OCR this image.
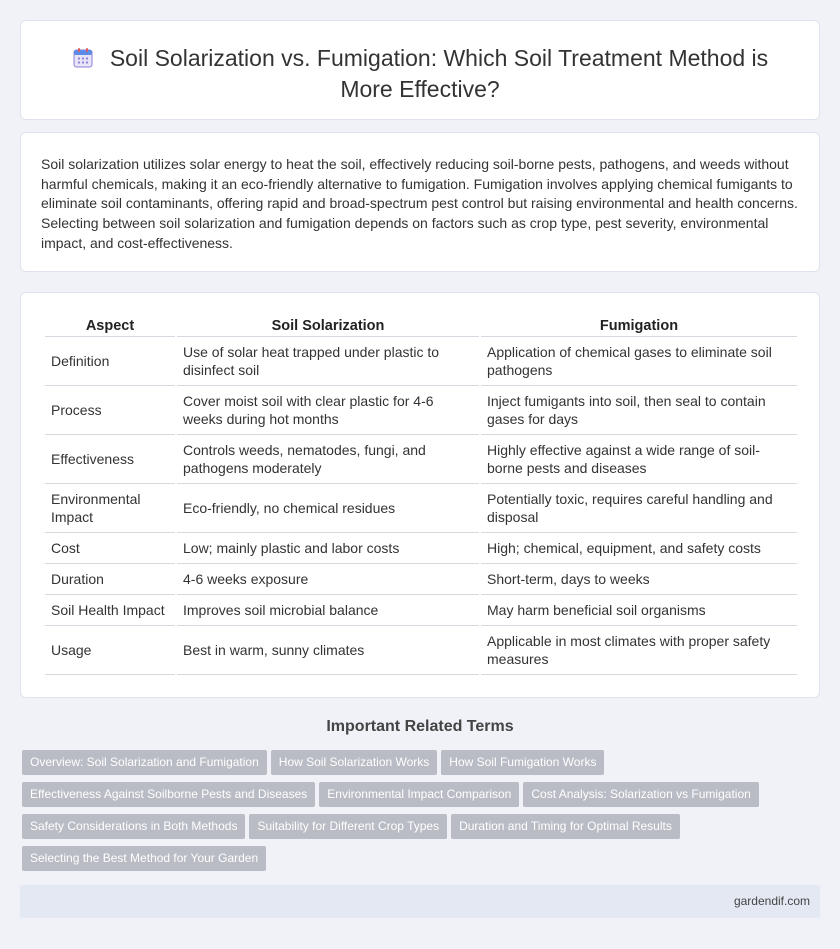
Soil Solarization vs. Fumigation: Which Soil Treatment Method is More Effective?

Soil solarization utilizes solar energy to heat the soil, effectively reducing soil-borne pests, pathogens, and weeds without harmful chemicals, making it an eco-friendly alternative to fumigation. Fumigation involves applying chemical fumigants to eliminate soil contaminants, offering rapid and broad-spectrum pest control but raising environmental and health concerns. Selecting between soil solarization and fumigation depends on factors such as crop type, pest severity, environmental impact, and cost-effectiveness.

Aspect	Soil Solarization	Fumigation
Definition	Use of solar heat trapped under plastic to disinfect soil	Application of chemical gases to eliminate soil pathogens
Process	Cover moist soil with clear plastic for 4-6 weeks during hot months	Inject fumigants into soil, then seal to contain gases for days
Effectiveness	Controls weeds, nematodes, fungi, and pathogens moderately	Highly effective against a wide range of soil-borne pests and diseases
Environmental Impact	Eco-friendly, no chemical residues	Potentially toxic, requires careful handling and disposal
Cost	Low; mainly plastic and labor costs	High; chemical, equipment, and safety costs
Duration	4-6 weeks exposure	Short-term, days to weeks
Soil Health Impact	Improves soil microbial balance	May harm beneficial soil organisms
Usage	Best in warm, sunny climates	Applicable in most climates with proper safety measures
Important Related Terms
Overview: Soil Solarization and Fumigation How Soil Solarization Works How Soil Fumigation Works
Effectiveness Against Soilborne Pests and Diseases Environmental Impact Comparison Cost Analysis: Solarization vs Fumigation
Safety Considerations in Both Methods Suitability for Different Crop Types Duration and Timing for Optimal Results
Selecting the Best Method for Your Garden
gardendif.com
